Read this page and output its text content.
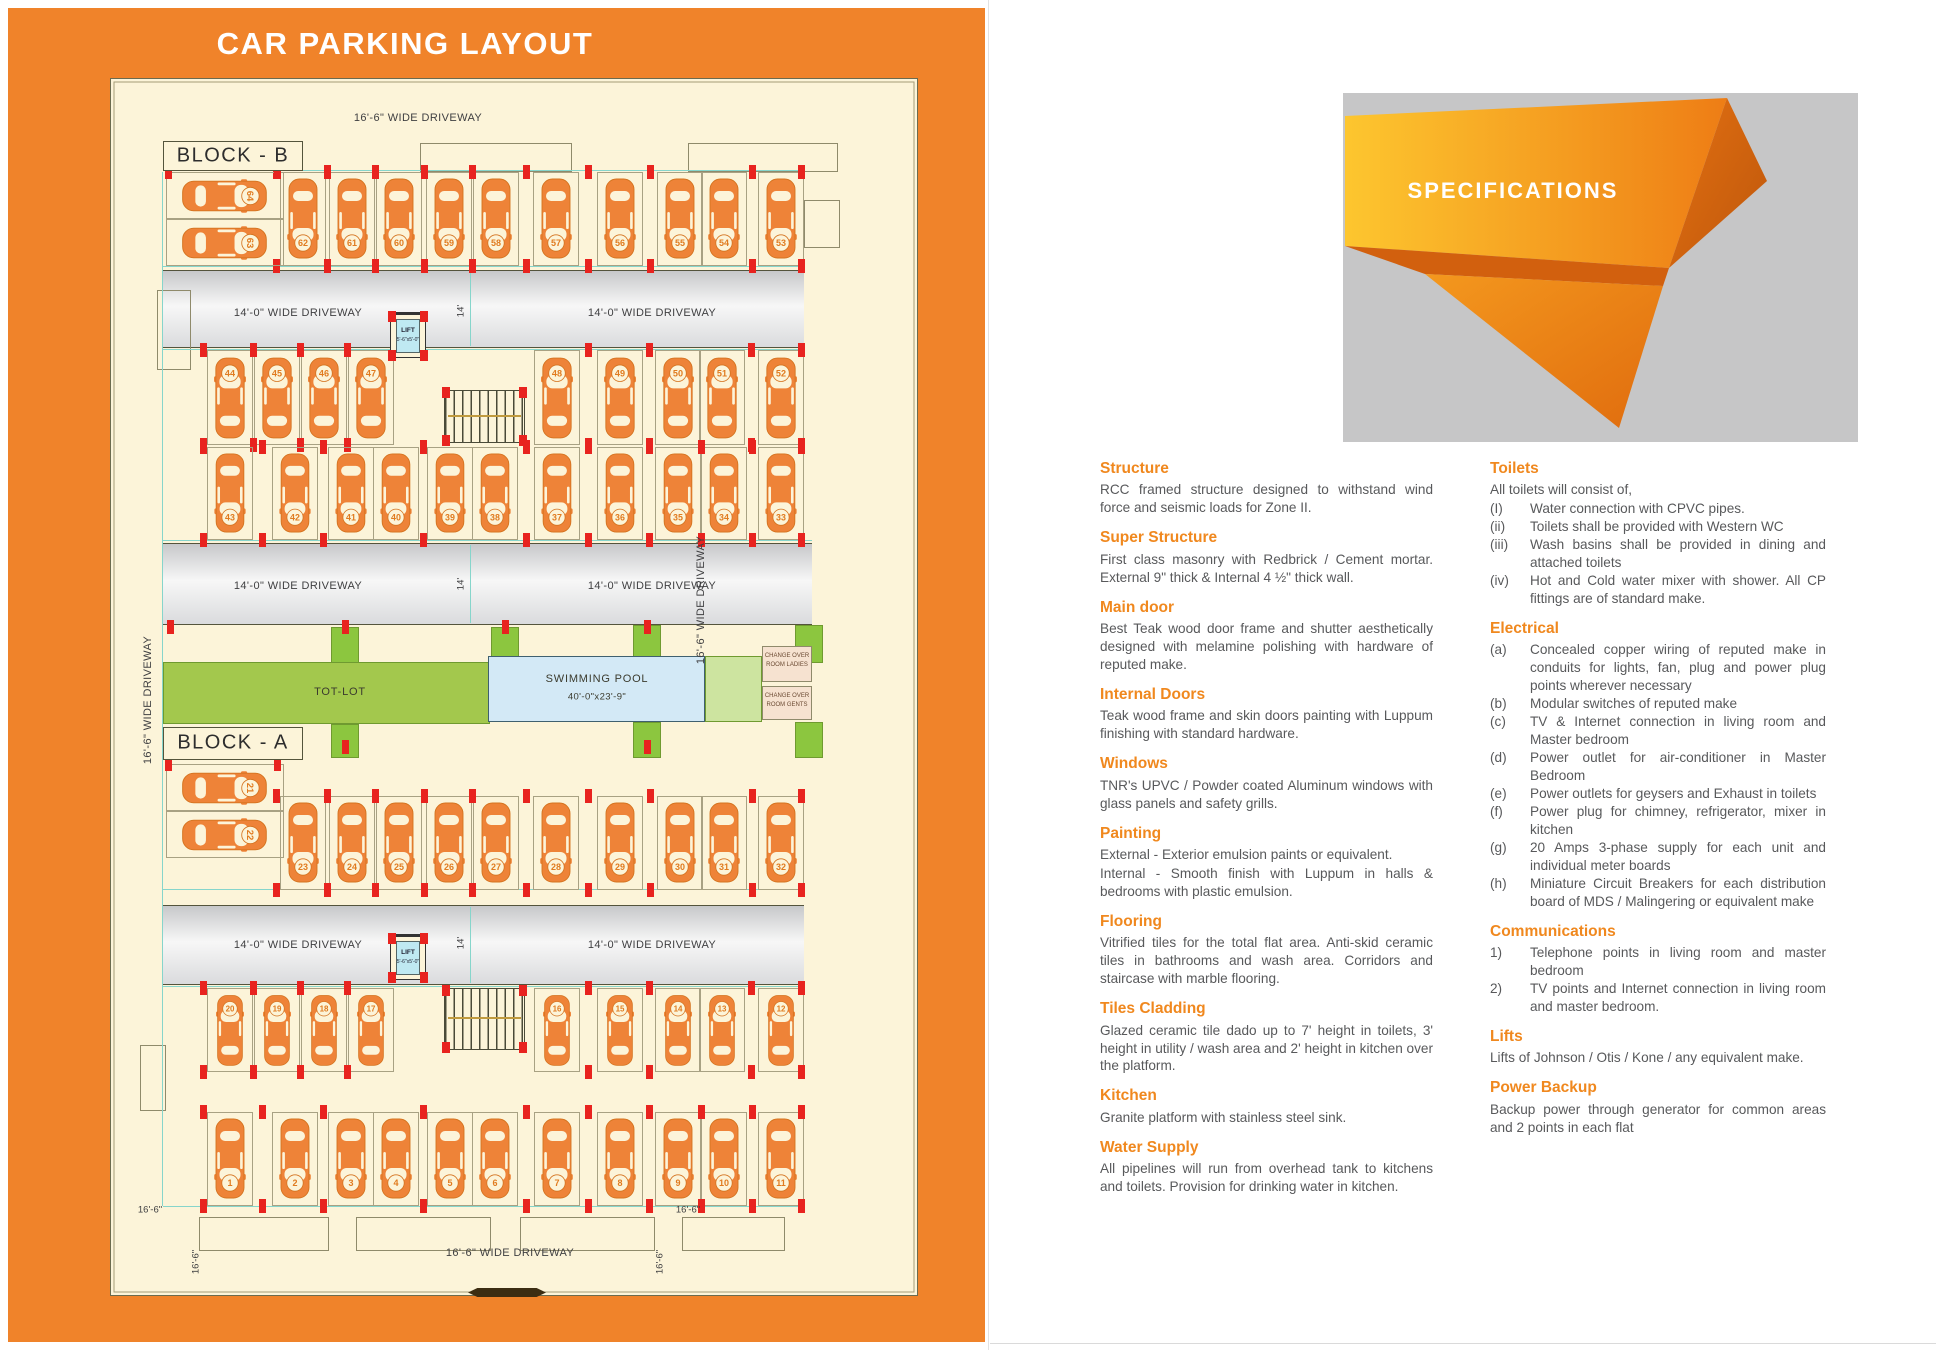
CAR PARKING LAYOUT
62	61	60	59	58	57	56	55	54	53
64
63
44	45	46	47	48	49	50	51	52
43	42	41	40	39	38	37	36	35	34	33
21
22
23	24	25	26	27	28	29	30	31	32
20	19	18	17	16	15	14	13	12
1	2	3	4	5	6	7	8	9	10	11
LIFT
5'-6"x5'-0"
LIFT
5'-6"x5'-0"
BLOCK - B
BLOCK - A
16'-6" WIDE DRIVEWAY
14'-0" WIDE DRIVEWAY	14'-0" WIDE DRIVEWAY
14'
14'-0" WIDE DRIVEWAY	14'-0" WIDE DRIVEWAY
14'
14'-0" WIDE DRIVEWAY	14'-0" WIDE DRIVEWAY
14'
16'-6" WIDE DRIVEWAY
16'-6" WIDE DRIVEWAY
16'-6" WIDE DRIVEWAY
16'-6"
16'-6"
16'-6"
16'-6"
TOT-LOT
SWIMMING POOL
40'-0"x23'-9"
CHANGE OVER
ROOM LADIES
CHANGE OVER
ROOM GENTS
SPECIFICATIONS
Structure
RCC framed structure designed to withstand wind force and seismic loads for Zone II.
Super Structure
First class masonry with Redbrick / Cement mortar. External 9" thick & Internal 4 ½" thick wall.
Main door
Best Teak wood door frame and shutter aesthetically designed with melamine polishing with hardware of reputed make.
Internal Doors
Teak wood frame and skin doors painting with Luppum finishing with standard hardware.
Windows
TNR's UPVC / Powder coated Aluminum windows with glass panels and safety grills.
Painting
External - Exterior emulsion paints or equivalent.
Internal - Smooth finish with Luppum in halls & bedrooms with plastic emulsion.
Flooring
Vitrified tiles for the total flat area. Anti-skid ceramic tiles in bathrooms and wash area. Corridors and staircase with marble flooring.
Tiles Cladding
Glazed ceramic tile dado up to 7' height in toilets, 3' height in utility / wash area and 2' height in kitchen over the platform.
Kitchen
Granite platform with stainless steel sink.
Water Supply
All pipelines will run from overhead tank to kitchens and toilets. Provision for drinking water in kitchen.
Toilets
All toilets will consist of,
(I)	Water connection with CPVC pipes.
(ii)	Toilets shall be provided with Western WC
(iii)	Wash basins shall be provided in dining and attached toilets
(iv)	Hot and Cold water mixer with shower. All CP fittings are of standard make.
Electrical
(a)	Concealed copper wiring of reputed make in conduits for lights, fan, plug and power plug points wherever necessary
(b)	Modular switches of reputed make
(c)	TV & Internet connection in living room and Master bedroom
(d)	Power outlet for air-conditioner in Master Bedroom
(e)	Power outlets for geysers and Exhaust in toilets
(f)	Power plug for chimney, refrigerator, mixer in kitchen
(g)	20 Amps 3-phase supply for each unit and individual meter boards
(h)	Miniature Circuit Breakers for each distribution board of MDS / Malingering or equivalent make
Communications
1)	Telephone points in living room and master bedroom
2)	TV points and Internet connection in living room and master bedroom.
Lifts
Lifts of Johnson / Otis / Kone / any equivalent make.
Power Backup
Backup power through generator for common areas and 2 points in each flat
